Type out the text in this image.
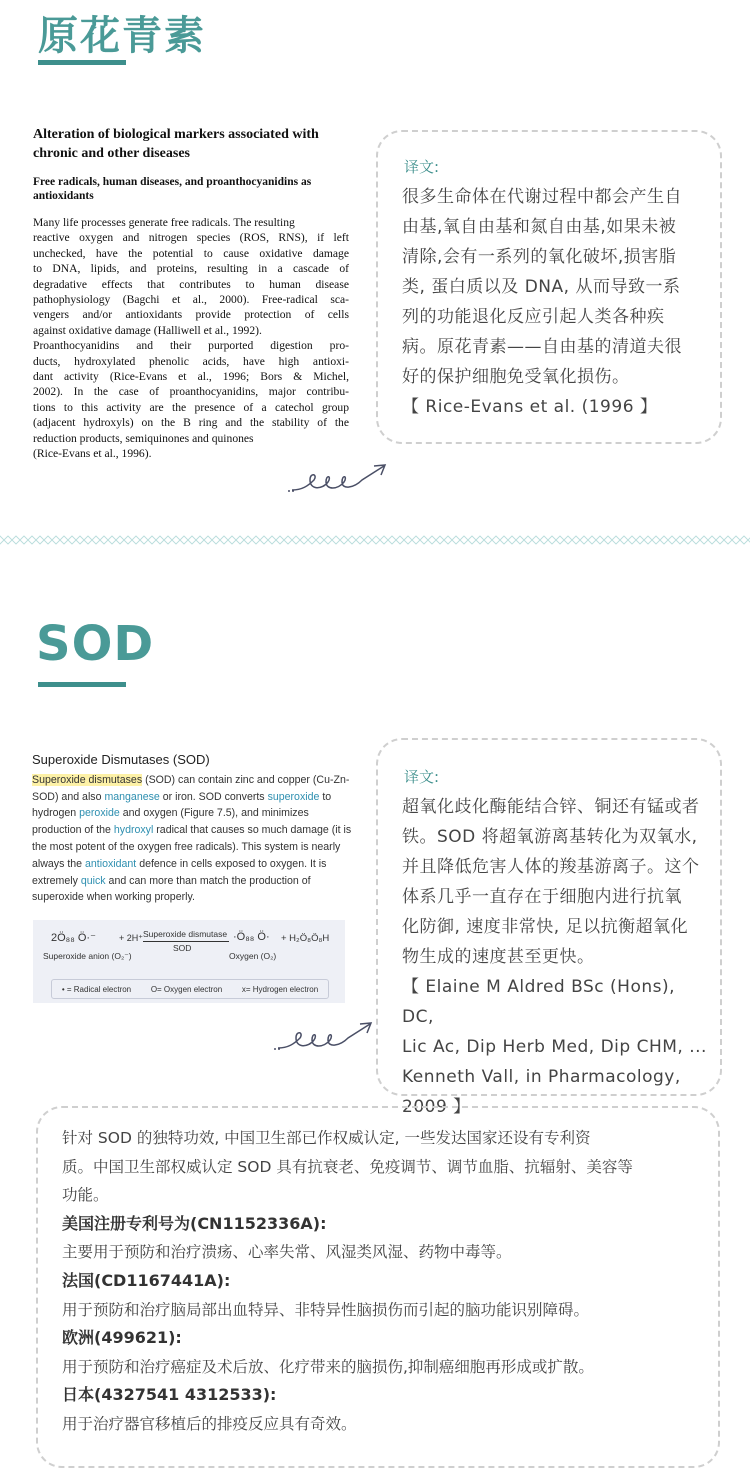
原花青素
Alteration of biological markers associated with chronic and other diseases
Free radicals, human diseases, and proanthocyanidins as antioxidants

Many life processes generate free radicals. The resulting

reactive oxygen and nitrogen species (ROS, RNS), if left

unchecked, have the potential to cause oxidative damage

to DNA, lipids, and proteins, resulting in a cascade of

degradative effects that contributes to human disease

pathophysiology (Bagchi et al., 2000). Free-radical sca-

vengers and/or antioxidants provide protection of cells

against oxidative damage (Halliwell et al., 1992).

Proanthocyanidins and their purported digestion pro-

ducts, hydroxylated phenolic acids, have high antioxi-

dant activity (Rice-Evans et al., 1996; Bors & Michel,

2002). In the case of proanthocyanidins, major contribu-

tions to this activity are the presence of a catechol group

(adjacent hydroxyls) on the B ring and the stability of the

reduction products, semiquinones and quinones

(Rice-Evans et al., 1996).

译文:
很多生命体在代谢过程中都会产生自
由基,氧自由基和氮自由基,如果未被
清除,会有一系列的氧化破坏,损害脂
类, 蛋白质以及 DNA, 从而导致一系
列的功能退化反应引起人类各种疾
病。原花青素——自由基的清道夫很
好的保护细胞免受氧化损伤。
【 Rice-Evans et al. (1996 】
SOD
Superoxide Dismutases (SOD)
Superoxide dismutases (SOD) can contain zinc and copper (Cu-Zn-
SOD) and also manganese or iron. SOD converts superoxide to
hydrogen peroxide and oxygen (Figure 7.5), and minimizes
production of the hydroxyl radical that causes so much damage (it is
the most potent of the oxygen free radicals). This system is nearly
always the antioxidant defence in cells exposed to oxygen. It is
extremely quick and can more than match the production of
superoxide when working properly.
2Ö₈₈ Ö·⁻	+ 2H⁺ Superoxide dismutase
SOD
·Ö₈₈ Ö· + H₂Ö₈Ö₈H
Superoxide anion (O₂⁻)	Oxygen (O₂)
• = Radical electron O= Oxygen electron x= Hydrogen electron
译文:
超氧化歧化酶能结合锌、铜还有锰或者
铁。SOD 将超氧游离基转化为双氧水,
并且降低危害人体的羧基游离子。这个
体系几乎一直存在于细胞内进行抗氧
化防御, 速度非常快, 足以抗衡超氧化
物生成的速度甚至更快。
【 Elaine M Aldred BSc (Hons), DC,
Lic Ac, Dip Herb Med, Dip CHM, ...
Kenneth Vall, in Pharmacology,
2009 】
针对 SOD 的独特功效, 中国卫生部已作权威认定, 一些发达国家还设有专利资
质。中国卫生部权威认定 SOD 具有抗衰老、免疫调节、调节血脂、抗辐射、美容等
功能。
美国注册专利号为(CN1152336A):
主要用于预防和治疗溃疡、心率失常、风湿类风湿、药物中毒等。
法国(CD1167441A):
用于预防和治疗脑局部出血特异、非特异性脑损伤而引起的脑功能识别障碍。
欧洲(499621):
用于预防和治疗癌症及术后放、化疗带来的脑损伤,抑制癌细胞再形成或扩散。
日本(4327541 4312533):
用于治疗器官移植后的排疫反应具有奇效。
